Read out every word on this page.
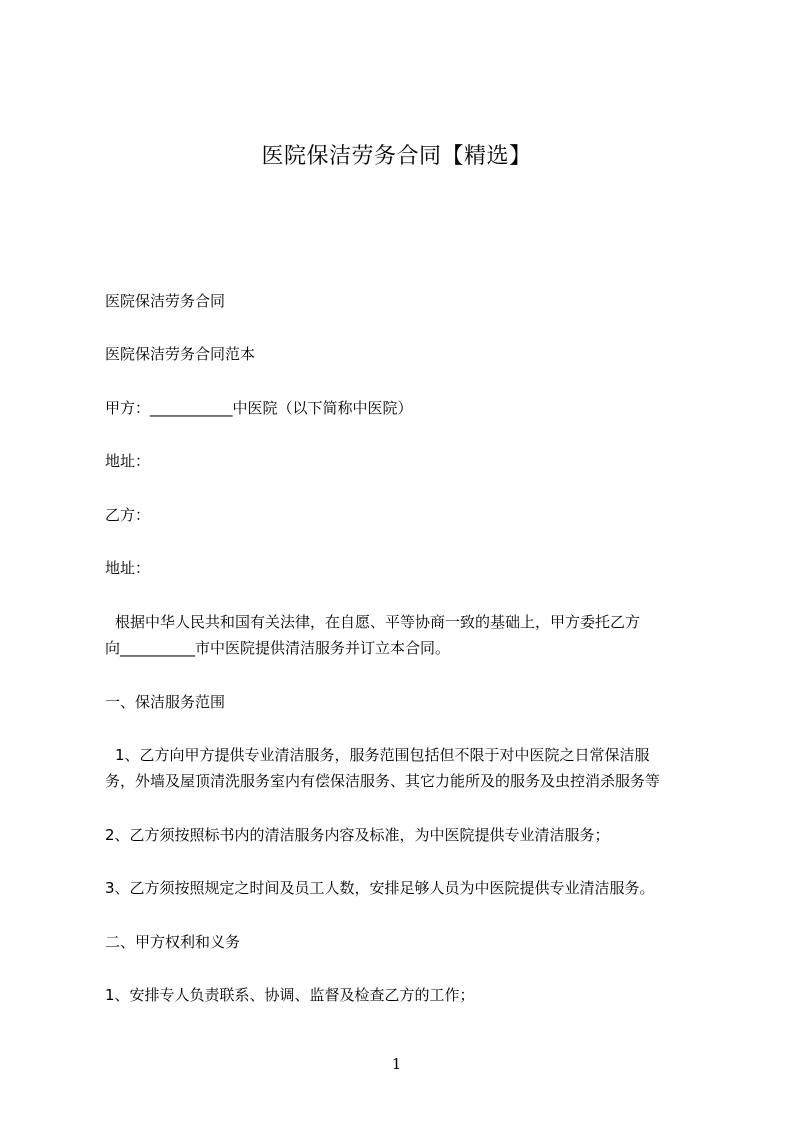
医院保洁劳务合同【精选】
医院保洁劳务合同
医院保洁劳务合同范本
甲方：___________中医院（以下简称中医院）
地址：
乙方：
地址：
根据中华人民共和国有关法律，在自愿、平等协商一致的基础上，甲方委托乙方
向__________市中医院提供清洁服务并订立本合同。
一、保洁服务范围
1、乙方向甲方提供专业清洁服务，服务范围包括但不限于对中医院之日常保洁服
务，外墙及屋顶清洗服务室内有偿保洁服务、其它力能所及的服务及虫控消杀服务等
2、乙方须按照标书内的清洁服务内容及标准，为中医院提供专业清洁服务；
3、乙方须按照规定之时间及员工人数，安排足够人员为中医院提供专业清洁服务。
二、甲方权利和义务
1、安排专人负责联系、协调、监督及检查乙方的工作；
1
